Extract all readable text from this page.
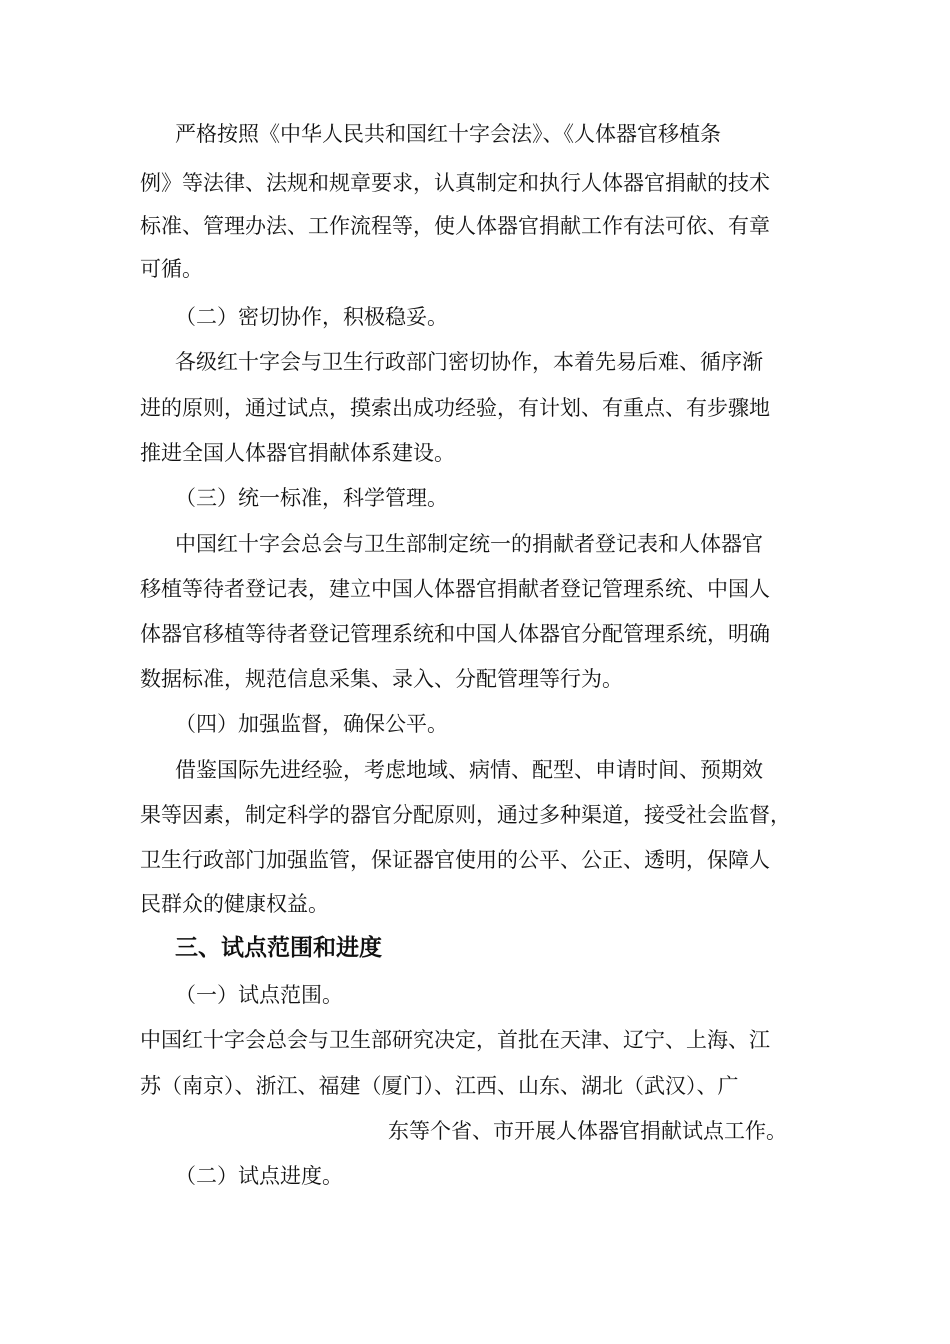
严格按照《中华人民共和国红十字会法》、《人体器官移植条
例》等法律、法规和规章要求，认真制定和执行人体器官捐献的技术
标准、管理办法、工作流程等，使人体器官捐献工作有法可依、有章
可循。
（二）密切协作，积极稳妥。
各级红十字会与卫生行政部门密切协作，本着先易后难、循序渐
进的原则，通过试点，摸索出成功经验，有计划、有重点、有步骤地
推进全国人体器官捐献体系建设。
（三）统一标准，科学管理。
中国红十字会总会与卫生部制定统一的捐献者登记表和人体器官
移植等待者登记表，建立中国人体器官捐献者登记管理系统、中国人
体器官移植等待者登记管理系统和中国人体器官分配管理系统，明确
数据标准，规范信息采集、录入、分配管理等行为。
（四）加强监督，确保公平。
借鉴国际先进经验，考虑地域、病情、配型、申请时间、预期效
果等因素，制定科学的器官分配原则，通过多种渠道，接受社会监督，
卫生行政部门加强监管，保证器官使用的公平、公正、透明，保障人
民群众的健康权益。
三、试点范围和进度
（一）试点范围。
中国红十字会总会与卫生部研究决定，首批在天津、辽宁、上海、江
苏（南京）、浙江、福建（厦门）、江西、山东、湖北（武汉）、广
东等个省、市开展人体器官捐献试点工作。
（二）试点进度。
